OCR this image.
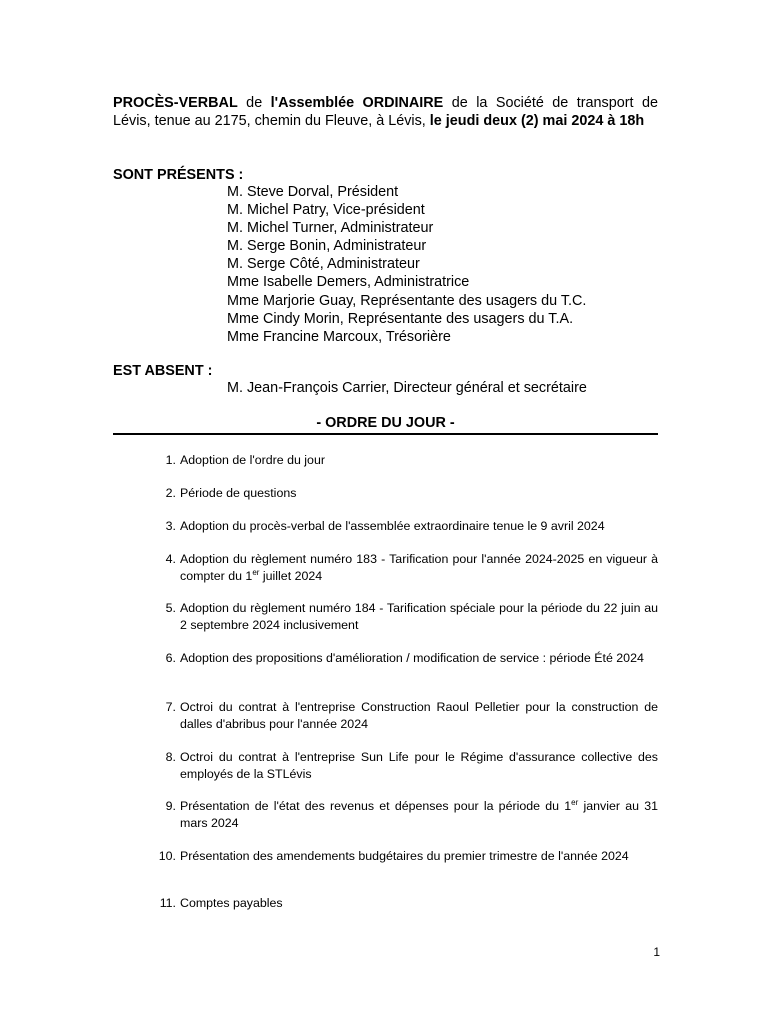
PROCÈS-VERBAL de l'Assemblée ORDINAIRE de la Société de transport de Lévis, tenue au 2175, chemin du Fleuve, à Lévis, le jeudi deux (2) mai 2024 à 18h

SONT PRÉSENTS :
M. Steve Dorval, Président
M. Michel Patry, Vice-président
M. Michel Turner, Administrateur
M. Serge Bonin, Administrateur
M. Serge Côté, Administrateur
Mme Isabelle Demers, Administratrice
Mme Marjorie Guay, Représentante des usagers du T.C.
Mme Cindy Morin, Représentante des usagers du T.A.
Mme Francine Marcoux, Trésorière
EST ABSENT :
M. Jean-François Carrier, Directeur général et secrétaire
- ORDRE DU JOUR -
1. Adoption de l'ordre du jour
2. Période de questions
3. Adoption du procès-verbal de l'assemblée extraordinaire tenue le 9 avril 2024
4. Adoption du règlement numéro 183 - Tarification pour l'année 2024-2025 en vigueur à compter du 1er juillet 2024
5. Adoption du règlement numéro 184 - Tarification spéciale pour la période du 22 juin au 2 septembre 2024 inclusivement
6. Adoption des propositions d'amélioration / modification de service : période Été 2024
7. Octroi du contrat à l'entreprise Construction Raoul Pelletier pour la construction de dalles d'abribus pour l'année 2024
8. Octroi du contrat à l'entreprise Sun Life pour le Régime d'assurance collective des employés de la STLévis
9. Présentation de l'état des revenus et dépenses pour la période du 1er janvier au 31 mars 2024
10. Présentation des amendements budgétaires du premier trimestre de l'année 2024
11. Comptes payables
1
